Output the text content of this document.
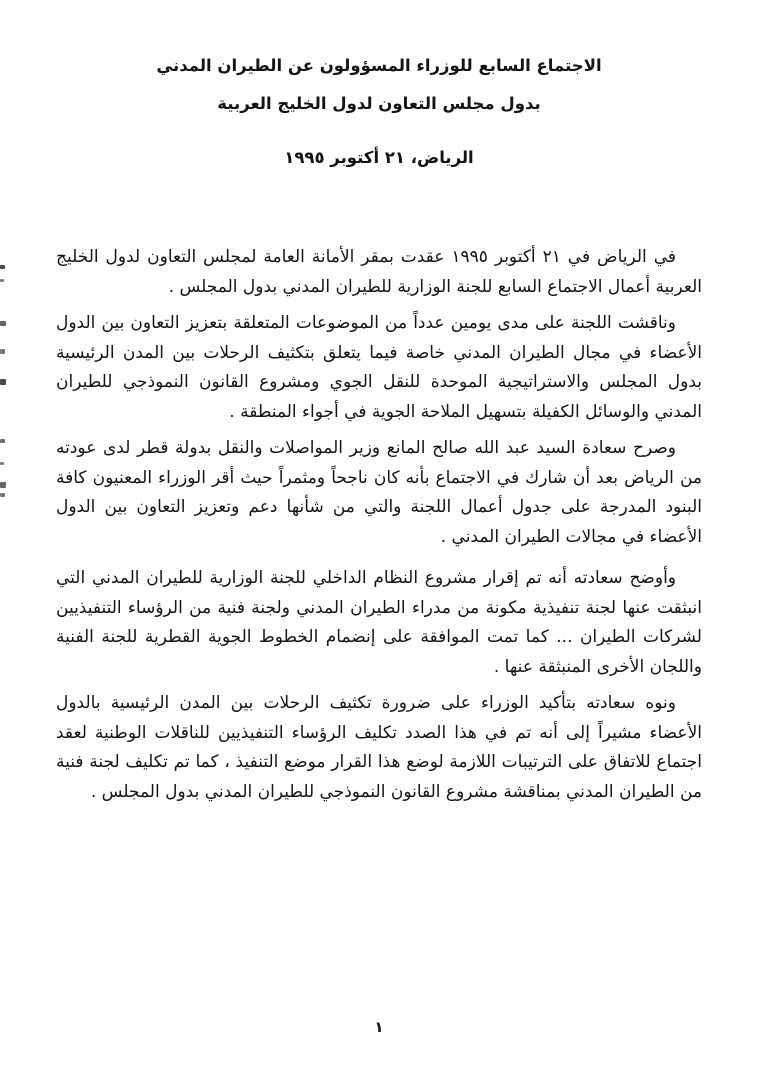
الاجتماع السابع للوزراء المسؤولون عن الطيران المدني
بدول مجلس التعاون لدول الخليج العربية
الرياض، ٢١ أكتوبر ١٩٩٥

في الرياض في ٢١ أكتوبر ١٩٩٥ عقدت بمقر الأمانة العامة لمجلس التعاون لدول الخليج العربية أعمال الاجتماع السابع للجنة الوزارية للطيران المدني بدول المجلس .

وناقشت اللجنة على مدى يومين عدداً من الموضوعات المتعلقة بتعزيز التعاون بين الدول الأعضاء في مجال الطيران المدني خاصة فيما يتعلق بتكثيف الرحلات بين المدن الرئيسية بدول المجلس والاستراتيجية الموحدة للنقل الجوي ومشروع القانون النموذجي للطيران المدني والوسائل الكفيلة بتسهيل الملاحة الجوية في أجواء المنطقة .

وصرح سعادة السيد عبد الله صالح المانع وزير المواصلات والنقل بدولة قطر لدى عودته من الرياض بعد أن شارك في الاجتماع بأنه كان ناجحاً ومثمراً حيث أقر الوزراء المعنيون كافة البنود المدرجة على جدول أعمال اللجنة والتي من شأنها دعم وتعزيز التعاون بين الدول الأعضاء في مجالات الطيران المدني .

وأوضح سعادته أنه تم إقرار مشروع النظام الداخلي للجنة الوزارية للطيران المدني التي انبثقت عنها لجنة تنفيذية مكونة من مدراء الطيران المدني ولجنة فنية من الرؤساء التنفيذيين لشركات الطيران ... كما تمت الموافقة على إنضمام الخطوط الجوية القطرية للجنة الفنية واللجان الأخرى المنبثقة عنها .

ونوه سعادته بتأكيد الوزراء على ضرورة تكثيف الرحلات بين المدن الرئيسية بالدول الأعضاء مشيراً إلى أنه تم في هذا الصدد تكليف الرؤساء التنفيذيين للناقلات الوطنية لعقد اجتماع للاتفاق على الترتيبات اللازمة لوضع هذا القرار موضع التنفيذ ، كما تم تكليف لجنة فنية من الطيران المدني بمناقشة مشروع القانون النموذجي للطيران المدني بدول المجلس .

١
